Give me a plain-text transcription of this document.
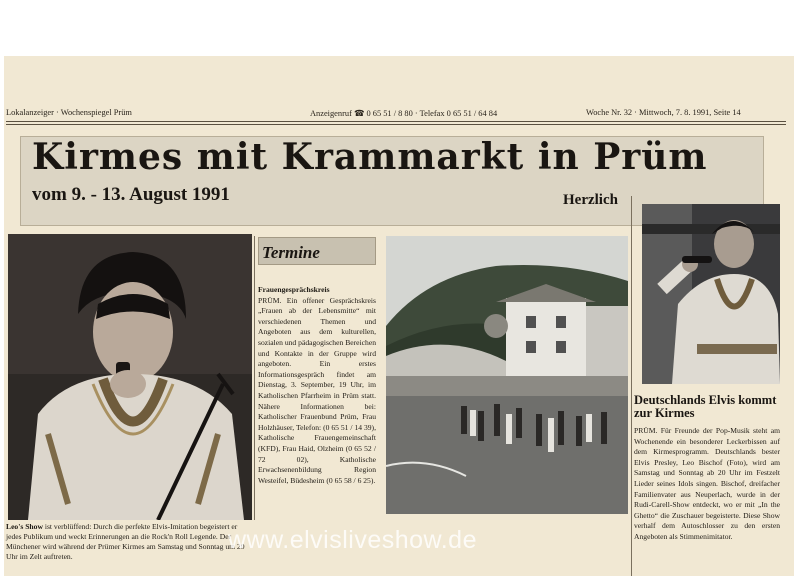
Lokalanzeiger · Wochenspiegel Prüm	Anzeigenruf ☎ 0 65 51 / 8 80 · Telefax 0 65 51 / 64 84	Woche Nr. 32 · Mittwoch, 7. 8. 1991, Seite 14
Kirmes mit Krammarkt in Prüm
vom 9. - 13. August 1991	Herzlich
Leo's Show ist verblüffend: Durch die perfekte Elvis-Imitation begeistert er jedes Publikum und weckt Erinnerungen an die Rock'n Roll Legende. Der Münchener wird während der Prümer Kirmes am Samstag und Sonntag um 20 Uhr im Zelt auftreten.
Termine
Frauengesprächskreis
PRÜM. Ein offener Gesprächskreis „Frauen ab der Lebensmitte“ mit verschiedenen Themen und Angeboten aus dem kulturellen, sozialen und pädagogischen Bereichen und Kontakte in der Gruppe wird angeboten. Ein erstes Informationsgespräch findet am Dienstag, 3. September, 19 Uhr, im Katholischen Pfarrheim in Prüm statt. Nähere Informationen bei: Katholischer Frauenbund Prüm, Frau Holzhäuser, Telefon: (0 65 51 / 14 39), Katholische Frauengemeinschaft (KFD), Frau Haid, Olzheim (0 65 52 / 72 02), Katholische Erwachsenenbildung Region Westeifel, Büdesheim (0 65 58 / 6 25).
Deutschlands Elvis kommt zur Kirmes
PRÜM. Für Freunde der Pop-Musik steht am Wochenende ein besonderer Leckerbissen auf dem Kirmesprogramm. Deutschlands bester Elvis Presley, Leo Bischof (Foto), wird am Samstag und Sonntag ab 20 Uhr im Festzelt Lieder seines Idols singen. Bischof, dreifacher Familienvater aus Neuperlach, wurde in der Rudi-Carell-Show entdeckt, wo er mit „In the Ghetto“ die Zuschauer begeisterte. Diese Show verhalf dem Autoschlosser zu den ersten Angeboten als Stimmenimitator.
www.elvisliveshow.de
